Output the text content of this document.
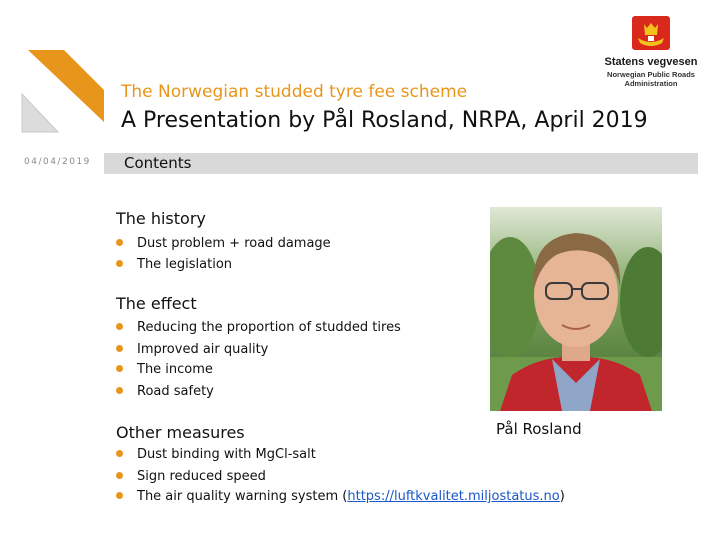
Statens vegvesen
Norwegian Public Roads
Administration
The Norwegian studded tyre fee scheme
A Presentation by Pål Rosland, NRPA, April 2019
04/04/2019 Contents
The history
Dust problem + road damage
The legislation
The effect
Reducing the proportion of studded tires
Improved air quality
The income
Road safety
Other measures
Dust binding with MgCl-salt
Sign reduced speed
The air quality warning system (https://luftkvalitet.miljostatus.no)
Pål Rosland
